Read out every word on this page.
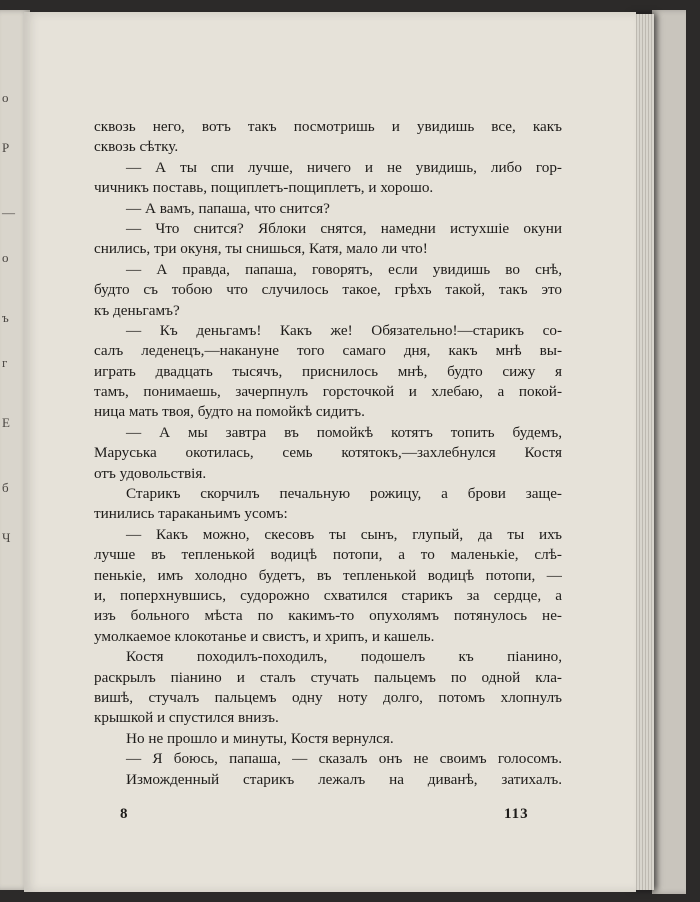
о
Р
—
о
ъ
г
Е
б
Ч
сквозь него, вотъ такъ посмотришь и увидишь все, какъ
сквозь сѣтку.
— А ты спи лучше, ничего и не увидишь, либо гор-
чичникъ поставь, пощиплетъ-пощиплетъ, и хорошо.
— А вамъ, папаша, что снится?
— Что снится? Яблоки снятся, намедни истухшіе окуни
снились, три окуня, ты снишься, Катя, мало ли что!
— А правда, папаша, говорятъ, если увидишь во снѣ,
будто съ тобою что случилось такое, грѣхъ такой, такъ это
къ деньгамъ?
— Къ деньгамъ! Какъ же! Обязательно!—старикъ со-
салъ леденецъ,—накануне того самаго дня, какъ мнѣ вы-
играть двадцать тысячъ, приснилось мнѣ, будто сижу я
тамъ, понимаешь, зачерпнулъ горсточкой и хлебаю, а покой-
ница мать твоя, будто на помойкѣ сидитъ.
— А мы завтра въ помойкѣ котятъ топить будемъ,
Маруська окотилась, семь котятокъ,—захлебнулся Костя
отъ удовольствія.
Старикъ скорчилъ печальную рожицу, а брови защe-
тинились тараканьимъ усомъ:
— Какъ можно, скесовъ ты сынъ, глупый, да ты ихъ
лучше въ тепленькой водицѣ потопи, а то маленькіе, слѣ-
пенькіе, имъ холодно будетъ, въ тепленькой водицѣ потопи, —
и, поперхнувшись, судорожно схватился старикъ за сердце, а
изъ больного мѣста по какимъ-то опухолямъ потянулось не-
умолкаемое клокотанье и свистъ, и хрипъ, и кашель.
Костя походилъ-походилъ, подошелъ къ піанино,
раскрылъ піанино и сталъ стучать пальцемъ по одной кла-
вишѣ, стучалъ пальцемъ одну ноту долго, потомъ хлопнулъ
крышкой и спустился внизъ.
Но не прошло и минуты, Костя вернулся.
— Я боюсь, папаша, — сказалъ онъ не своимъ голосомъ.
Изможденный старикъ лежалъ на диванѣ, затихалъ.
8	113
